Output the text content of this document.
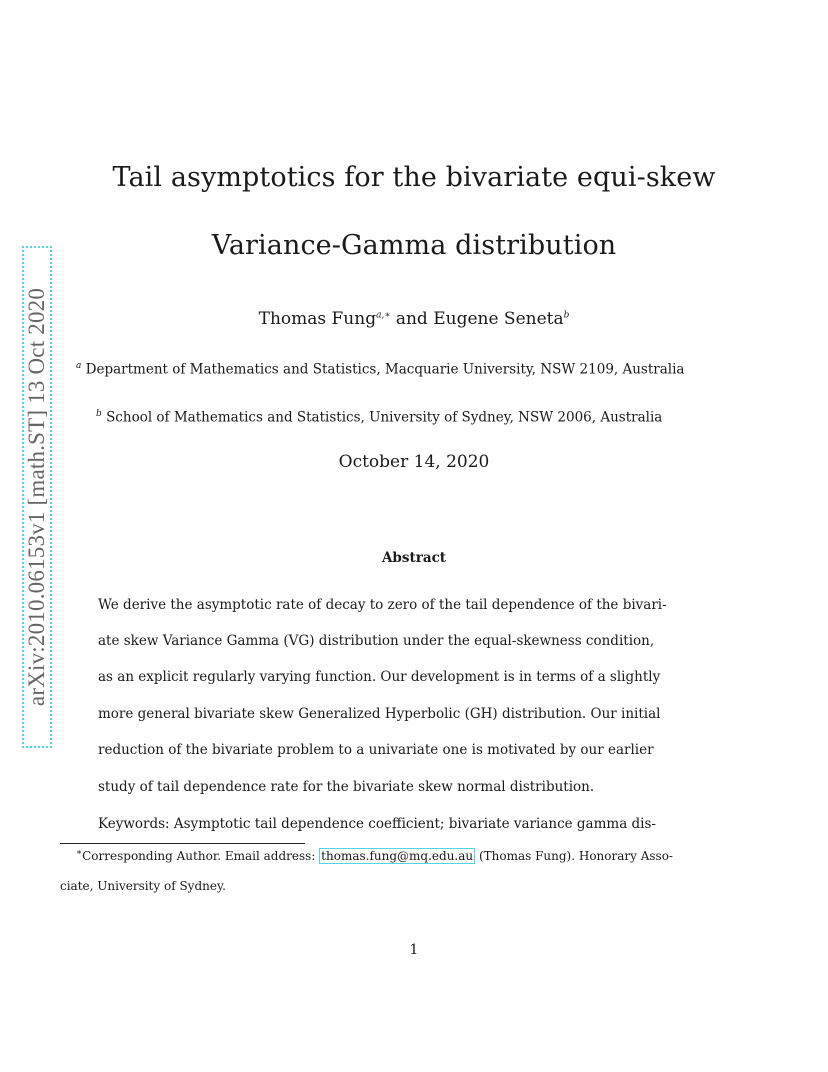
arXiv:2010.06153v1 [math.ST] 13 Oct 2020
Tail asymptotics for the bivariate equi-skew
Variance-Gamma distribution
Thomas Fung$^{a,∗}$ and Eugene Seneta$^b$
$^a$ Department of Mathematics and Statistics, Macquarie University, NSW 2109, Australia
$^b$ School of Mathematics and Statistics, University of Sydney, NSW 2006, Australia
October 14, 2020
Abstract
We derive the asymptotic rate of decay to zero of the tail dependence of the bivari-
ate skew Variance Gamma (VG) distribution under the equal-skewness condition,
as an explicit regularly varying function. Our development is in terms of a slightly
more general bivariate skew Generalized Hyperbolic (GH) distribution. Our initial
reduction of the bivariate problem to a univariate one is motivated by our earlier
study of tail dependence rate for the bivariate skew normal distribution.
Keywords: Asymptotic tail dependence coefficient; bivariate variance gamma dis-
∗Corresponding Author. Email address: thomas.fung@mq.edu.au (Thomas Fung). Honorary Asso-
ciate, University of Sydney.
1
